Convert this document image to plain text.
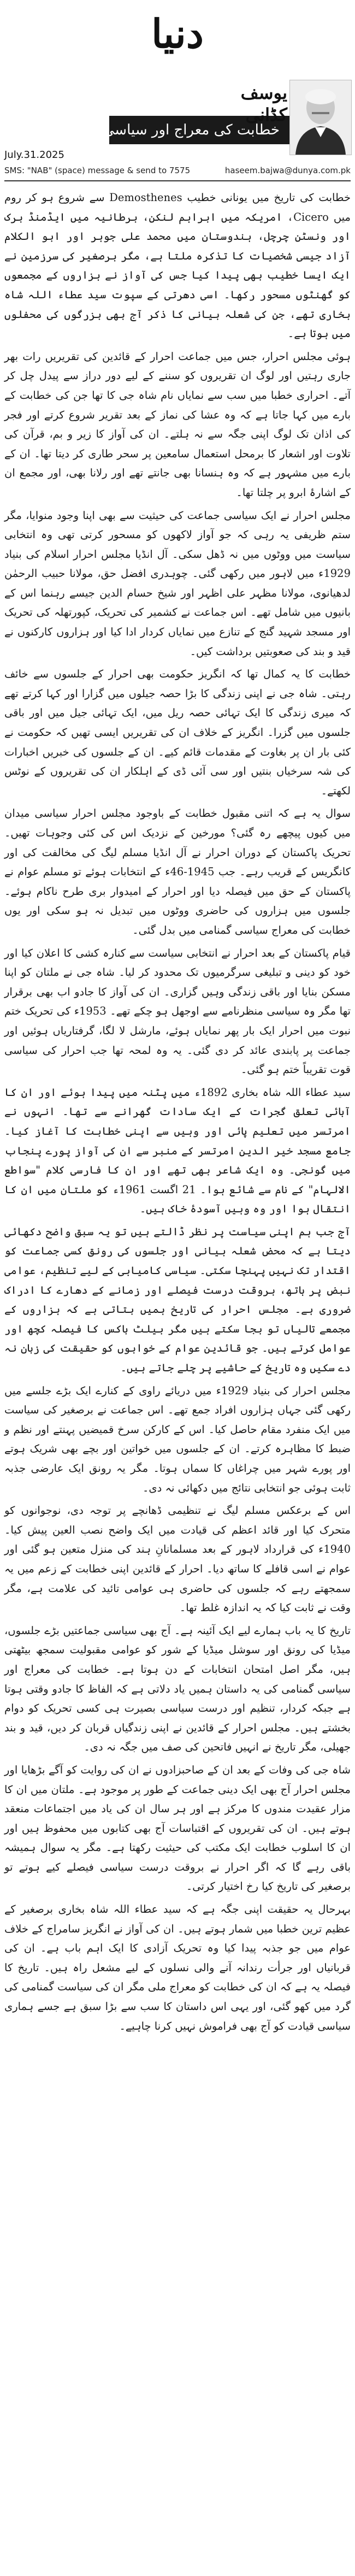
دنیا
خطابت کی معراج اور سیاسی گمنامی
یوسف
کڈانی
July.31.2025
SMS: "NAB" (space) message & send to 7575	haseem.bajwa@dunya.com.pk

خطابت کی تاریخ میں یونانی خطیب Demosthenes سے شروع ہو کر روم میں Cicero، امریکہ میں ابراہم لنکن، برطانیہ میں ایڈمنڈ برک اور ونسٹن چرچل، ہندوستان میں محمد علی جوہر اور ابو الکلام آزاد جیسی شخصیات کا تذکرہ ملتا ہے، مگر برصغیر کی سرزمین نے ایک ایسا خطیب بھی پیدا کیا جس کی آواز نے ہزاروں کے مجمعوں کو گھنٹوں مسحور رکھا۔ اسی دھرتی کے سپوت سید عطاء اللہ شاہ بخاری تھے، جن کی شعلہ بیانی کا ذکر آج بھی بزرگوں کی محفلوں میں ہوتا ہے۔

ہوئی مجلس احرار، جس میں جماعت احرار کے قائدین کی تقریریں رات بھر جاری رہتیں اور لوگ ان تقریروں کو سننے کے لیے دور دراز سے پیدل چل کر آتے۔ احراری خطبا میں سب سے نمایاں نام شاہ جی کا تھا جن کی خطابت کے بارے میں کہا جاتا ہے کہ وہ عشا کی نماز کے بعد تقریر شروع کرتے اور فجر کی اذان تک لوگ اپنی جگہ سے نہ ہلتے۔ ان کی آواز کا زیر و بم، قرآن کی تلاوت اور اشعار کا برمحل استعمال سامعین پر سحر طاری کر دیتا تھا۔ ان کے بارے میں مشہور ہے کہ وہ ہنسانا بھی جانتے تھے اور رلانا بھی، اور مجمع ان کے اشارۂ ابرو پر چلتا تھا۔

مجلس احرار نے ایک سیاسی جماعت کی حیثیت سے بھی اپنا وجود منوایا، مگر ستم ظریفی یہ رہی کہ جو آواز لاکھوں کو مسحور کرتی تھی وہ انتخابی سیاست میں ووٹوں میں نہ ڈھل سکی۔ آل انڈیا مجلس احرار اسلام کی بنیاد 1929ء میں لاہور میں رکھی گئی۔ چوہدری افضل حق، مولانا حبیب الرحمٰن لدھیانوی، مولانا مظہر علی اظہر اور شیخ حسام الدین جیسے رہنما اس کے بانیوں میں شامل تھے۔ اس جماعت نے کشمیر کی تحریک، کپورتھلہ کی تحریک اور مسجد شہید گنج کے تنازع میں نمایاں کردار ادا کیا اور ہزاروں کارکنوں نے قید و بند کی صعوبتیں برداشت کیں۔

خطابت کا یہ کمال تھا کہ انگریز حکومت بھی احرار کے جلسوں سے خائف رہتی۔ شاہ جی نے اپنی زندگی کا بڑا حصہ جیلوں میں گزارا اور کہا کرتے تھے کہ میری زندگی کا ایک تہائی حصہ ریل میں، ایک تہائی جیل میں اور باقی جلسوں میں گزرا۔ انگریز کے خلاف ان کی تقریریں ایسی تھیں کہ حکومت نے کئی بار ان پر بغاوت کے مقدمات قائم کیے۔ ان کے جلسوں کی خبریں اخبارات کی شہ سرخیاں بنتیں اور سی آئی ڈی کے اہلکار ان کی تقریروں کے نوٹس لکھتے۔

سوال یہ ہے کہ اتنی مقبول خطابت کے باوجود مجلس احرار سیاسی میدان میں کیوں پیچھے رہ گئی؟ مورخین کے نزدیک اس کی کئی وجوہات تھیں۔ تحریک پاکستان کے دوران احرار نے آل انڈیا مسلم لیگ کی مخالفت کی اور کانگریس کے قریب رہے۔ جب 1945-46ء کے انتخابات ہوئے تو مسلم عوام نے پاکستان کے حق میں فیصلہ دیا اور احرار کے امیدوار بری طرح ناکام ہوئے۔ جلسوں میں ہزاروں کی حاضری ووٹوں میں تبدیل نہ ہو سکی اور یوں خطابت کی معراج سیاسی گمنامی میں بدل گئی۔

قیام پاکستان کے بعد احرار نے انتخابی سیاست سے کنارہ کشی کا اعلان کیا اور خود کو دینی و تبلیغی سرگرمیوں تک محدود کر لیا۔ شاہ جی نے ملتان کو اپنا مسکن بنایا اور باقی زندگی وہیں گزاری۔ ان کی آواز کا جادو اب بھی برقرار تھا مگر وہ سیاسی منظرنامے سے اوجھل ہو چکے تھے۔ 1953ء کی تحریک ختم نبوت میں احرار ایک بار پھر نمایاں ہوئے، مارشل لا لگا، گرفتاریاں ہوئیں اور جماعت پر پابندی عائد کر دی گئی۔ یہ وہ لمحہ تھا جب احرار کی سیاسی قوت تقریباً ختم ہو گئی۔

سید عطاء اللہ شاہ بخاری 1892ء میں پٹنہ میں پیدا ہوئے اور ان کا آبائی تعلق گجرات کے ایک سادات گھرانے سے تھا۔ انہوں نے امرتسر میں تعلیم پائی اور وہیں سے اپنی خطابت کا آغاز کیا۔ جامع مسجد خیر الدین امرتسر کے منبر سے ان کی آواز پورے پنجاب میں گونجی۔ وہ ایک شاعر بھی تھے اور ان کا فارسی کلام "سواطع الالہام" کے نام سے شائع ہوا۔ 21 اگست 1961ء کو ملتان میں ان کا انتقال ہوا اور وہ وہیں آسودۂ خاک ہیں۔

آج جب ہم اپنی سیاست پر نظر ڈالتے ہیں تو یہ سبق واضح دکھائی دیتا ہے کہ محض شعلہ بیانی اور جلسوں کی رونق کسی جماعت کو اقتدار تک نہیں پہنچا سکتی۔ سیاسی کامیابی کے لیے تنظیم، عوامی نبض پر ہاتھ، بروقت درست فیصلے اور زمانے کے دھارے کا ادراک ضروری ہے۔ مجلس احرار کی تاریخ ہمیں بتاتی ہے کہ ہزاروں کے مجمعے تالیاں تو بجا سکتے ہیں مگر بیلٹ باکس کا فیصلہ کچھ اور عوامل کرتے ہیں۔ جو قائدین عوام کے خوابوں کو حقیقت کی زبان نہ دے سکیں وہ تاریخ کے حاشیے پر چلے جاتے ہیں۔

مجلس احرار کی بنیاد 1929ء میں دریائے راوی کے کنارے ایک بڑے جلسے میں رکھی گئی جہاں ہزاروں افراد جمع تھے۔ اس جماعت نے برصغیر کی سیاست میں ایک منفرد مقام حاصل کیا۔ اس کے کارکن سرخ قمیضیں پہنتے اور نظم و ضبط کا مظاہرہ کرتے۔ ان کے جلسوں میں خواتین اور بچے بھی شریک ہوتے اور پورے شہر میں چراغاں کا سماں ہوتا۔ مگر یہ رونق ایک عارضی جذبہ ثابت ہوئی جو انتخابی نتائج میں دکھائی نہ دی۔

اس کے برعکس مسلم لیگ نے تنظیمی ڈھانچے پر توجہ دی، نوجوانوں کو متحرک کیا اور قائد اعظم کی قیادت میں ایک واضح نصب العین پیش کیا۔ 1940ء کی قرارداد لاہور کے بعد مسلمانانِ ہند کی منزل متعین ہو گئی اور عوام نے اسی قافلے کا ساتھ دیا۔ احرار کے قائدین اپنی خطابت کے زعم میں یہ سمجھتے رہے کہ جلسوں کی حاضری ہی عوامی تائید کی علامت ہے، مگر وقت نے ثابت کیا کہ یہ اندازہ غلط تھا۔

تاریخ کا یہ باب ہمارے لیے ایک آئینہ ہے۔ آج بھی سیاسی جماعتیں بڑے جلسوں، میڈیا کی رونق اور سوشل میڈیا کے شور کو عوامی مقبولیت سمجھ بیٹھتی ہیں، مگر اصل امتحان انتخابات کے دن ہوتا ہے۔ خطابت کی معراج اور سیاسی گمنامی کی یہ داستان ہمیں یاد دلاتی ہے کہ الفاظ کا جادو وقتی ہوتا ہے جبکہ کردار، تنظیم اور درست سیاسی بصیرت ہی کسی تحریک کو دوام بخشتے ہیں۔ مجلس احرار کے قائدین نے اپنی زندگیاں قربان کر دیں، قید و بند جھیلی، مگر تاریخ نے انہیں فاتحین کی صف میں جگہ نہ دی۔

شاہ جی کی وفات کے بعد ان کے صاحبزادوں نے ان کی روایت کو آگے بڑھایا اور مجلس احرار آج بھی ایک دینی جماعت کے طور پر موجود ہے۔ ملتان میں ان کا مزار عقیدت مندوں کا مرکز ہے اور ہر سال ان کی یاد میں اجتماعات منعقد ہوتے ہیں۔ ان کی تقریروں کے اقتباسات آج بھی کتابوں میں محفوظ ہیں اور ان کا اسلوب خطابت ایک مکتب کی حیثیت رکھتا ہے۔ مگر یہ سوال ہمیشہ باقی رہے گا کہ اگر احرار نے بروقت درست سیاسی فیصلے کیے ہوتے تو برصغیر کی تاریخ کیا رخ اختیار کرتی۔

بہرحال یہ حقیقت اپنی جگہ ہے کہ سید عطاء اللہ شاہ بخاری برصغیر کے عظیم ترین خطبا میں شمار ہوتے ہیں۔ ان کی آواز نے انگریز سامراج کے خلاف عوام میں جو جذبہ پیدا کیا وہ تحریک آزادی کا ایک اہم باب ہے۔ ان کی قربانیاں اور جرأت رندانہ آنے والی نسلوں کے لیے مشعل راہ ہیں۔ تاریخ کا فیصلہ یہ ہے کہ ان کی خطابت کو معراج ملی مگر ان کی سیاست گمنامی کی گرد میں کھو گئی، اور یہی اس داستان کا سب سے بڑا سبق ہے جسے ہماری سیاسی قیادت کو آج بھی فراموش نہیں کرنا چاہیے۔
